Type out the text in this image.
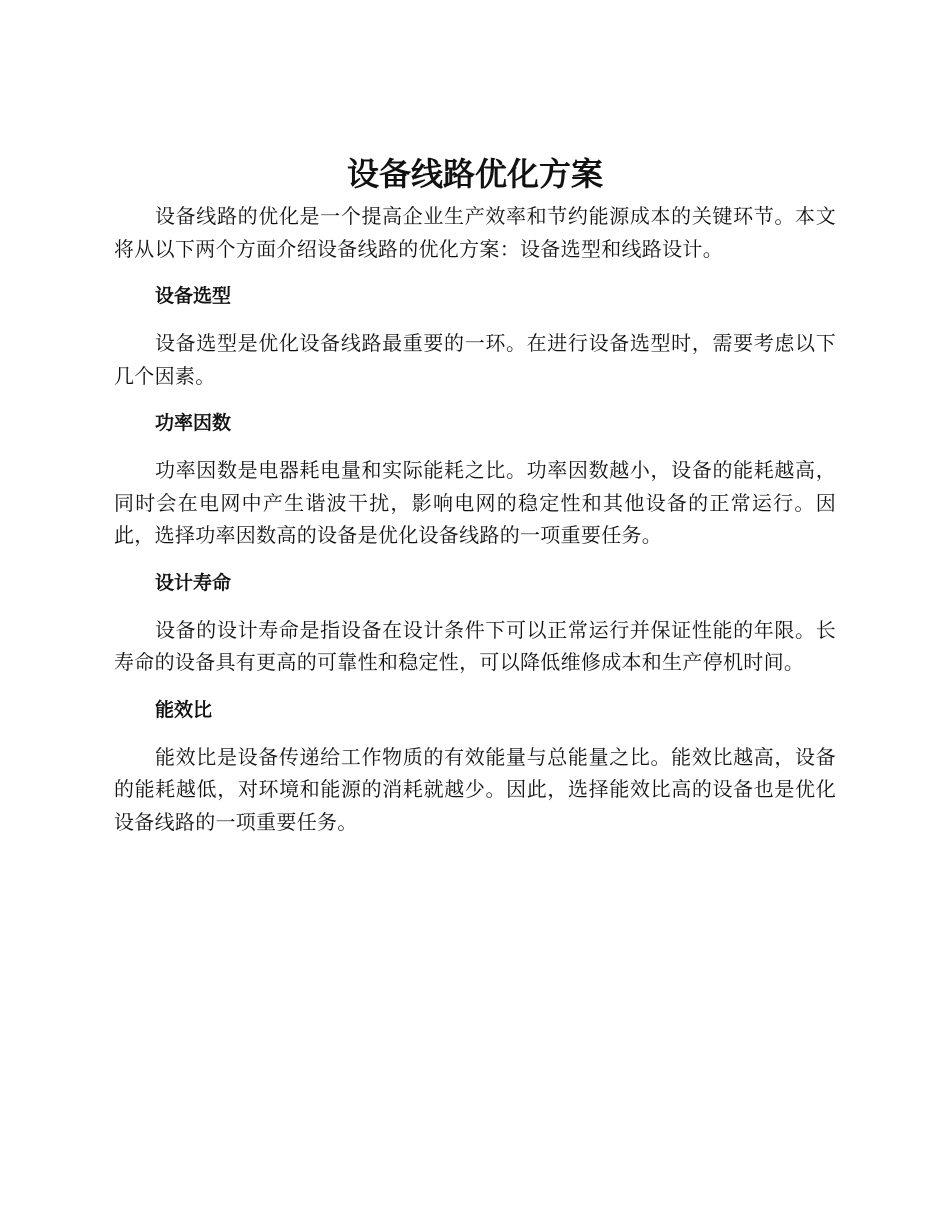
设备线路优化方案

设备线路的优化是一个提高企业生产效率和节约能源成本的关键环节。本文将从以下两个方面介绍设备线路的优化方案：设备选型和线路设计。

设备选型

设备选型是优化设备线路最重要的一环。在进行设备选型时，需要考虑以下几个因素。

功率因数

功率因数是电器耗电量和实际能耗之比。功率因数越小，设备的能耗越高，同时会在电网中产生谐波干扰，影响电网的稳定性和其他设备的正常运行。因此，选择功率因数高的设备是优化设备线路的一项重要任务。

设计寿命

设备的设计寿命是指设备在设计条件下可以正常运行并保证性能的年限。长寿命的设备具有更高的可靠性和稳定性，可以降低维修成本和生产停机时间。

能效比

能效比是设备传递给工作物质的有效能量与总能量之比。能效比越高，设备的能耗越低，对环境和能源的消耗就越少。因此，选择能效比高的设备也是优化设备线路的一项重要任务。
